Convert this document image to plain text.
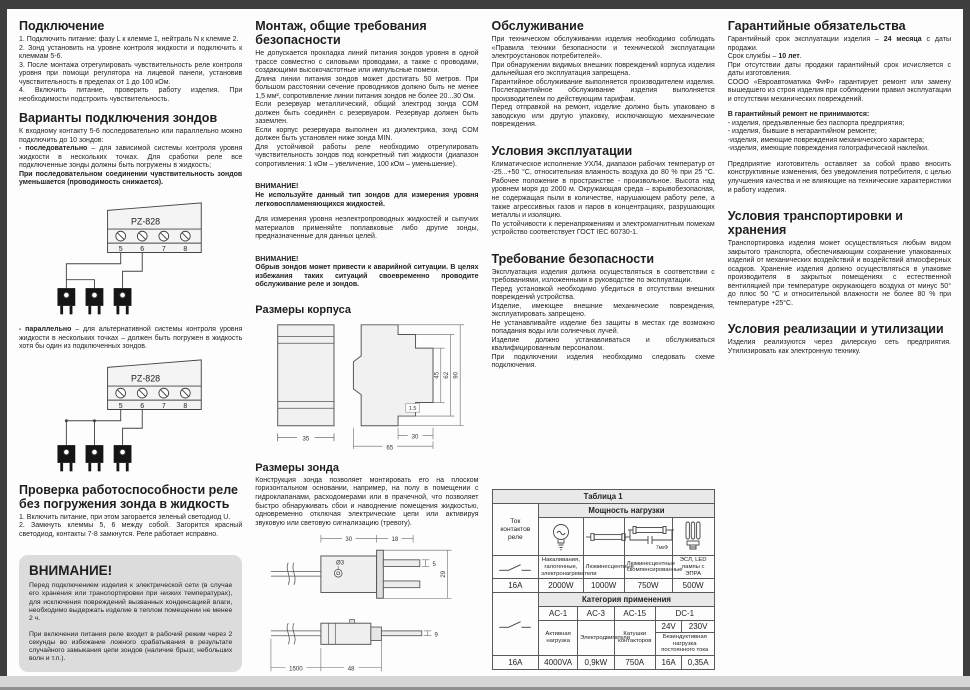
Подключение

1. Подключить питание: фазу L к клемме 1, нейтраль N к клемме 2.

2. Зонд установить на уровне контроля жидкости и подключить к клеммам 5-6.

3. После монтажа отрегулировать чувствительность реле контроля уровня при помощи регулятора на лицевой панели, установив чувствительность в пределах от 1 до 100 кОм.

4. Включить питание, проверить работу изделия. При необходимости подстроить чувствительность.

Варианты подключения зондов

К входному контакту 5-6 последовательно или параллельно можно подключить до 10 зондов:

- последовательно – для зависимой системы контроля уровня жидкости в нескольких точках. Для сработки реле все подключенные зонды должны быть погружены в жидкость;

При последовательном соединении чувствительность зондов уменьшается (проводимость снижается).

PZ-828
5 6 7 8

- параллельно – для альтернативной системы контроля уровня жидкости в нескольких точках – должен быть погружен в жидкость хотя бы один из подключенных зондов.

PZ-828
5 6 7 8
Проверка работоспособности реле без погружения зонда в жидкость

1. Включить питание, при этом загорается зеленый светодиод U.

2. Замкнуть клеммы 5, 6 между собой. Загорится красный светодиод, контакты 7-8 замкнутся. Реле работает исправно.

ВНИМАНИЕ!

Перед подключением изделия к электрической сети (в случае его хранения или транспортировки при низких температурах), для исключения повреждений вызванных конденсацией влаги, необходимо выдержать изделие в теплом помещении не менее 2 ч.

При включении питания реле входит в рабочий режим через 2 секунды во избежание ложного срабатывания в результате случайного замыкания цепи зондов (наличие брызг, небольших волн и т.п.).

Монтаж, общие требования безопасности

Не допускается прокладка линий питания зондов уровня в одной трассе совместно с силовыми проводами, а также с проводами, создающими высокочастотные или импульсные помехи.

Длина линии питания зондов может достигать 50 метров. При большом расстоянии сечение проводников должно быть не менее 1,5 мм², сопротивление линии питания зондов не более 20...30 Ом.

Если резервуар металлический, общий электрод зонда COM должен быть соединён с резервуаром. Резервуар должен быть заземлен.

Если корпус резервуара выполнен из диэлектрика, зонд COM должен быть установлен ниже зонда MIN.

Для устойчивой работы реле необходимо отрегулировать чувствительность зондов под конкретный тип жидкости (диапазон сопротивления: 1 кОм – увеличение, 100 кОм – уменьшение).

ВНИМАНИЕ!

Не используйте данный тип зондов для измерения уровня легковоспламеняющихся жидкостей.

Для измерения уровня неэлектропроводных жидкостей и сыпучих материалов применяйте поплавковые либо другие зонды, предназначенные для данных целей.

ВНИМАНИЕ!

Обрыв зондов может привести к аварийной ситуации. В целях избежания таких ситуаций своевременно проводите обслуживание реле и зондов.

Размеры корпуса
35
45 62 90
1.5
30
65
Размеры зонда

Конструкция зонда позволяет монтировать его на плоском горизонтальном основании, например, на полу в помещении с гидроклапанами, расходомерами или в прачечной, что позволяет быстро обнаруживать сбои и наводнение помещения жидкостью, одновременно отключая электрические цепи или активируя звуковую или световую сигнализацию (тревогу).

30	18
Ø3	5
29
9
1500	48
Обслуживание

При техническом обслуживании изделия необходимо соблюдать «Правила техники безопасности и технической эксплуатации электроустановок потребителей».

При обнаружении видимых внешних повреждений корпуса изделия дальнейшая его эксплуатация запрещена.

Гарантийное обслуживание выполняется производителем изделия. Послегарантийное обслуживание изделия выполняется производителем по действующим тарифам.

Перед отправкой на ремонт, изделие должно быть упаковано в заводскую или другую упаковку, исключающую механические повреждения.

Условия эксплуатации

Климатическое исполнение УХЛ4, диапазон рабочих температур от -25...+50 °С, относительная влажность воздуха до 80 % при 25 °С. Рабочее положение в пространстве - произвольное. Высота над уровнем моря до 2000 м. Окружающая среда – взрывобезопасная, не содержащая пыли в количестве, нарушающем работу реле, а также агрессивных газов и паров в концентрациях, разрушающих металлы и изоляцию.

По устойчивости к перенапряжениям и электромагнитным помехам устройство соответствует ГОСТ IEC 60730-1.

Требование безопасности

Эксплуатация изделия должна осуществляться в соответствии с требованиями, изложенными в руководстве по эксплуатации.

Перед установкой необходимо убедиться в отсутствии внешних повреждений устройства.

Изделие, имеющее внешние механические повреждения, эксплуатировать запрещено.

Не устанавливайте изделие без защиты в местах где возможно попадания воды или солнечных лучей.

Изделие должно устанавливаться и обслуживаться квалифицированным персоналом.

При подключении изделия необходимо следовать схеме подключения.

Таблица 1				
Ток контактов реле	Мощность нагрузки			

7мкФ

	Накаливания, галогенные, электронагреватели	Люминесцентные	Люминесцентные скомпенсированные	ЭСЛ, LED лампы с ЭПРА
16A	2000W	1000W	750W	500W
	Категория применения				
	AC-1	AC-3	AC-15	DC-1	
	Активная нагрузка	Электродвигатели	Катушки контакторов	24V	230V
				Безиндуктивная нагрузка постоянного тока	
16A	4000VA	0,9kW	750A	16A	0,35A
Гарантийные обязательства

Гарантийный срок эксплуатации изделия – 24 месяца с даты продажи.

Срок службы – 10 лет.

При отсутствии даты продажи гарантийный срок исчисляется с даты изготовления.

СООО «Евроавтоматика ФиФ» гарантирует ремонт или замену вышедшего из строя изделия при соблюдении правил эксплуатации и отсутствии механических повреждений.

В гарантийный ремонт не принимаются:

- изделия, предъявленные без паспорта предприятия;

- изделия, бывшие в негарантийном ремонте;

-изделия, имеющие повреждения механического характера;

-изделия, имеющие повреждения голографической наклейки.

Предприятие изготовитель оставляет за собой право вносить конструктивные изменения, без уведомления потребителя, с целью улучшения качества и не влияющие на технические характеристики и работу изделия.

Условия транспортировки и хранения

Транспортировка изделия может осуществляться любым видом закрытого транспорта, обеспечивающим сохранение упакованных изделий от механических воздействий и воздействий атмосферных осадков. Хранение изделия должно осуществляться в упаковке производителя в закрытых помещениях с естественной вентиляцией при температуре окружающего воздуха от минус 50° до плюс 50 °С и относительной влажности не более 80 % при температуре +25°С.

Условия реализации и утилизации

Изделия реализуются через дилерскую сеть предприятия. Утилизировать как электронную технику.
